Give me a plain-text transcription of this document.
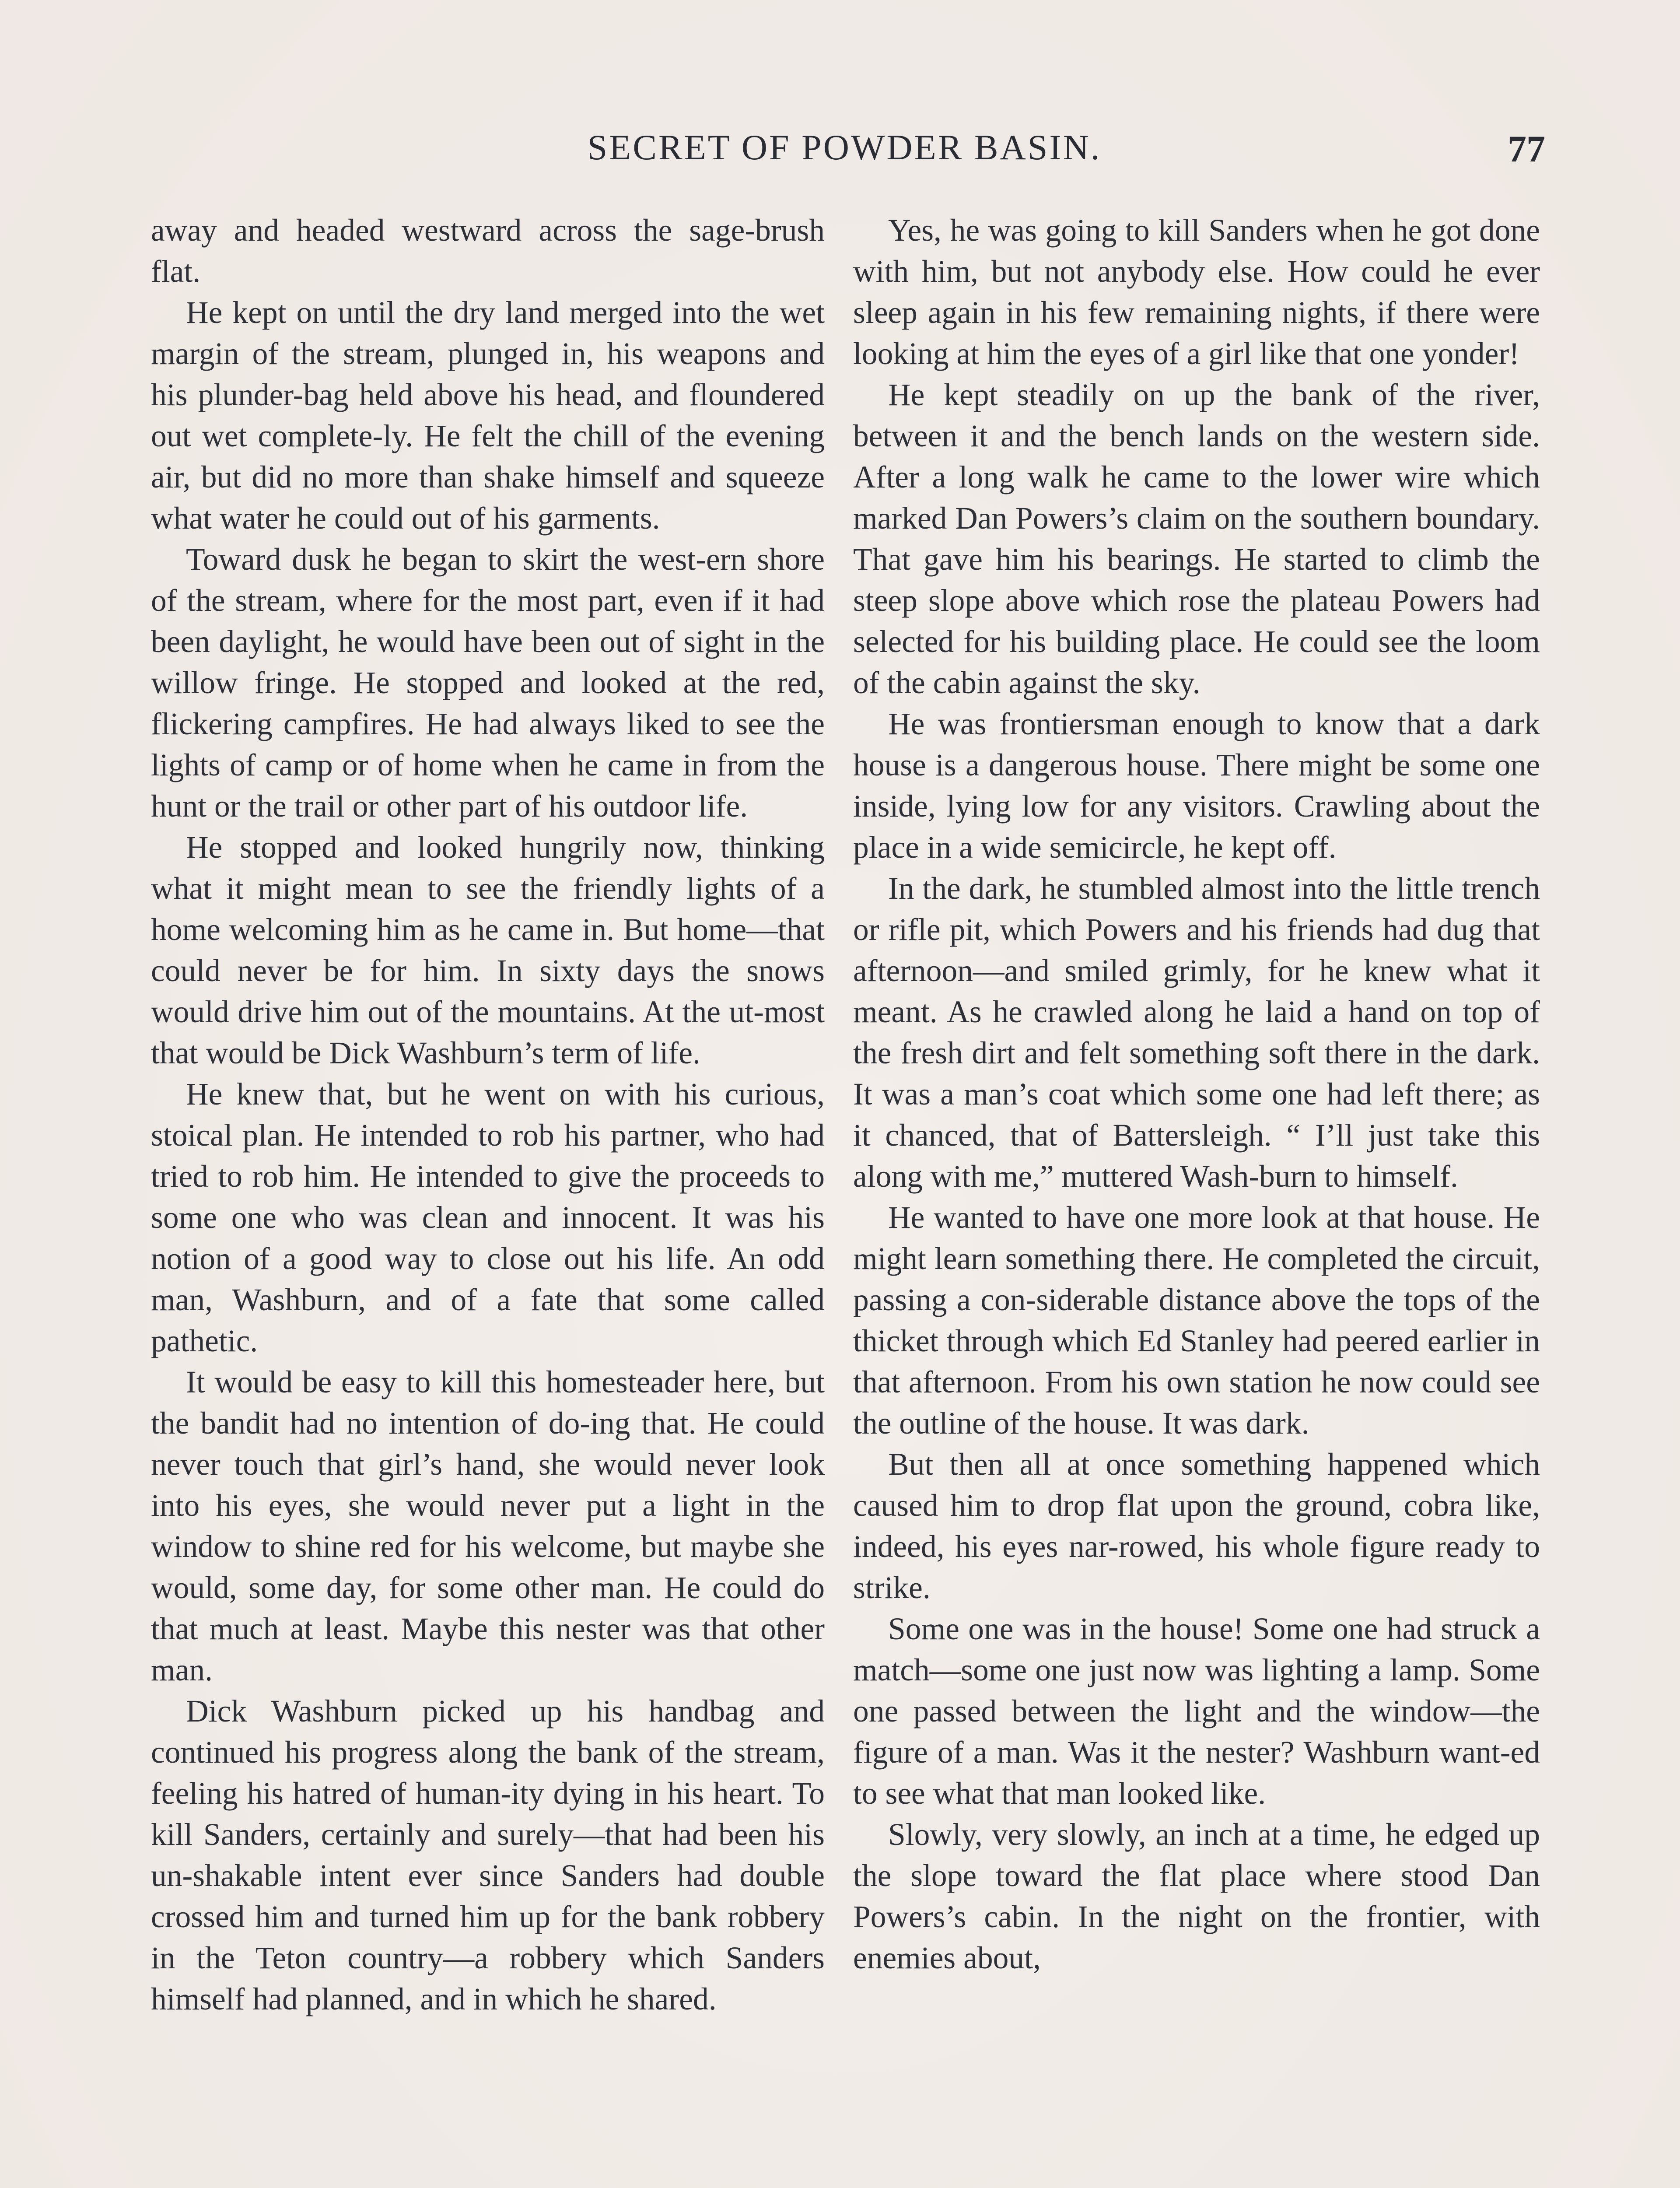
SECRET OF POWDER BASIN.	77

away and headed westward across the sage-brush flat.

He kept on until the dry land merged into the wet margin of the stream, plunged in, his weapons and his plunder-bag held above his head, and floundered out wet complete-ly. He felt the chill of the evening air, but did no more than shake himself and squeeze what water he could out of his garments.

Toward dusk he began to skirt the west-ern shore of the stream, where for the most part, even if it had been daylight, he would have been out of sight in the willow fringe. He stopped and looked at the red, flickering campfires. He had always liked to see the lights of camp or of home when he came in from the hunt or the trail or other part of his outdoor life.

He stopped and looked hungrily now, thinking what it might mean to see the friendly lights of a home welcoming him as he came in. But home—that could never be for him. In sixty days the snows would drive him out of the mountains. At the ut-most that would be Dick Washburn’s term of life.

He knew that, but he went on with his curious, stoical plan. He intended to rob his partner, who had tried to rob him. He intended to give the proceeds to some one who was clean and innocent. It was his notion of a good way to close out his life. An odd man, Washburn, and of a fate that some called pathetic.

It would be easy to kill this homesteader here, but the bandit had no intention of do-ing that. He could never touch that girl’s hand, she would never look into his eyes, she would never put a light in the window to shine red for his welcome, but maybe she would, some day, for some other man. He could do that much at least. Maybe this nester was that other man.

Dick Washburn picked up his handbag and continued his progress along the bank of the stream, feeling his hatred of human-ity dying in his heart. To kill Sanders, certainly and surely—that had been his un-shakable intent ever since Sanders had double crossed him and turned him up for the bank robbery in the Teton country—a robbery which Sanders himself had planned, and in which he shared.

Yes, he was going to kill Sanders when he got done with him, but not anybody else. How could he ever sleep again in his few remaining nights, if there were looking at him the eyes of a girl like that one yonder!

He kept steadily on up the bank of the river, between it and the bench lands on the western side. After a long walk he came to the lower wire which marked Dan Powers’s claim on the southern boundary. That gave him his bearings. He started to climb the steep slope above which rose the plateau Powers had selected for his building place. He could see the loom of the cabin against the sky.

He was frontiersman enough to know that a dark house is a dangerous house. There might be some one inside, lying low for any visitors. Crawling about the place in a wide semicircle, he kept off.

In the dark, he stumbled almost into the little trench or rifle pit, which Powers and his friends had dug that afternoon—and smiled grimly, for he knew what it meant. As he crawled along he laid a hand on top of the fresh dirt and felt something soft there in the dark. It was a man’s coat which some one had left there; as it chanced, that of Battersleigh. “ I’ll just take this along with me,” muttered Wash-burn to himself.

He wanted to have one more look at that house. He might learn something there. He completed the circuit, passing a con-siderable distance above the tops of the thicket through which Ed Stanley had peered earlier in that afternoon. From his own station he now could see the outline of the house. It was dark.

But then all at once something happened which caused him to drop flat upon the ground, cobra like, indeed, his eyes nar-rowed, his whole figure ready to strike.

Some one was in the house! Some one had struck a match—some one just now was lighting a lamp. Some one passed between the light and the window—the figure of a man. Was it the nester? Washburn want-ed to see what that man looked like.

Slowly, very slowly, an inch at a time, he edged up the slope toward the flat place where stood Dan Powers’s cabin. In the night on the frontier, with enemies about,
